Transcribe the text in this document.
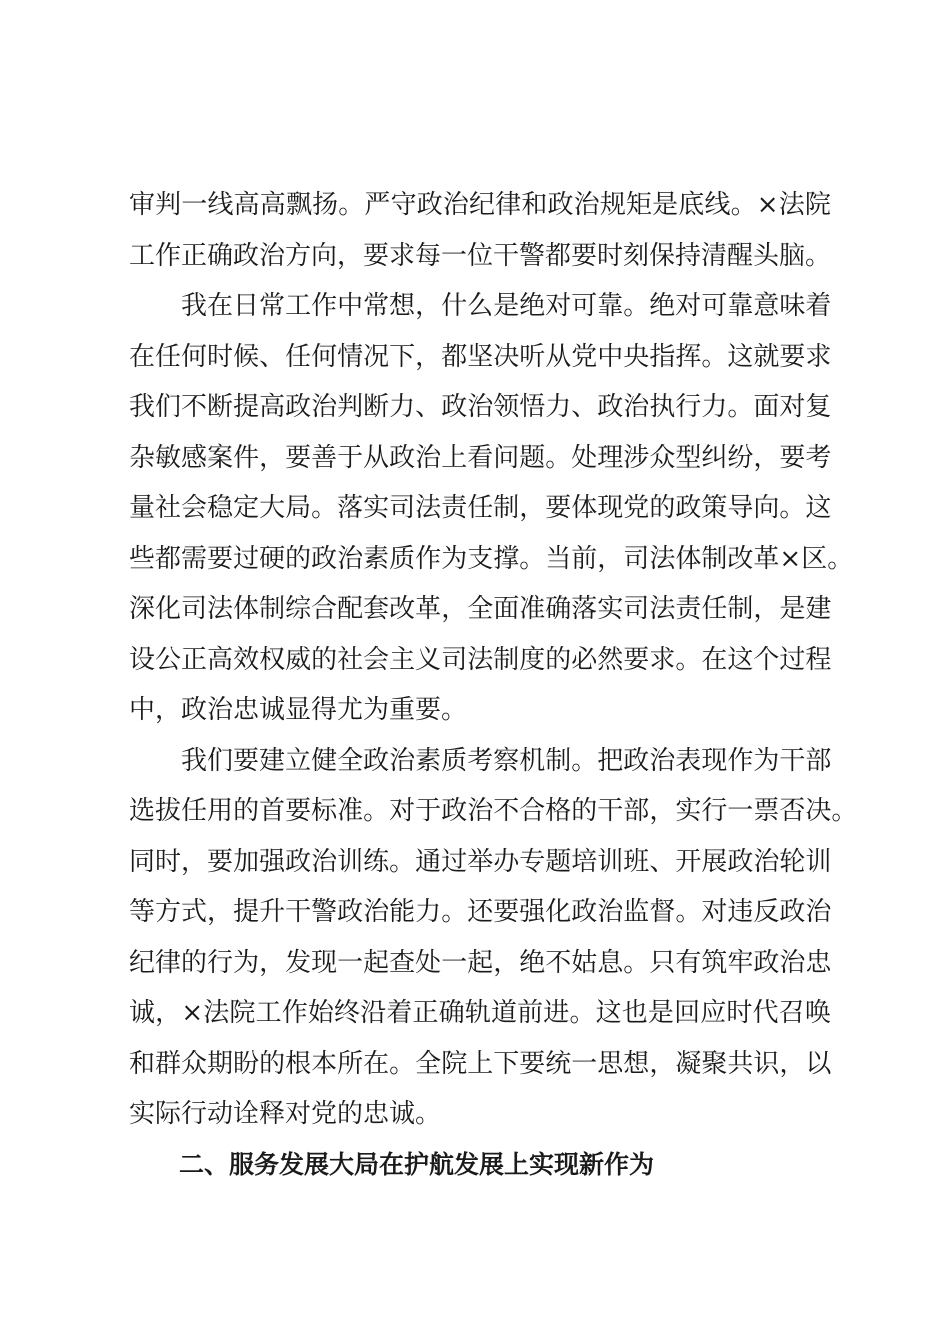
审 判 一 线 高 高 飘 扬 。 严 守 政 治 纪 律 和 政 治 规 矩 是 底 线 。 × 法 院
工作正确政治方向，要求每一位干警都要时刻保持清醒头脑。
我 在 日 常 工 作 中 常 想 ， 什 么 是 绝 对 可 靠 。 绝 对 可 靠 意 味 着
在 任 何 时 候 、 任 何 情 况 下 ， 都 坚 决 听 从 党 中 央 指 挥 。 这 就 要 求
我 们 不 断 提 高 政 治 判 断 力 、 政 治 领 悟 力 、 政 治 执 行 力 。 面 对 复
杂 敏 感 案 件 ， 要 善 于 从 政 治 上 看 问 题 。 处 理 涉 众 型 纠 纷 ， 要 考
量 社 会 稳 定 大 局 。 落 实 司 法 责 任 制 ， 要 体 现 党 的 政 策 导 向 。 这
些 都 需 要 过 硬 的 政 治 素 质 作 为 支 撑 。 当 前 ， 司 法 体 制 改 革 × 区 。
深 化 司 法 体 制 综 合 配 套 改 革 ， 全 面 准 确 落 实 司 法 责 任 制 ， 是 建
设 公 正 高 效 权 威 的 社 会 主 义 司 法 制 度 的 必 然 要 求 。 在 这 个 过 程
中，政治忠诚显得尤为重要。
我 们 要 建 立 健 全 政 治 素 质 考 察 机 制 。 把 政 治 表 现 作 为 干 部
选 拔 任 用 的 首 要 标 准 。 对 于 政 治 不 合 格 的 干 部 ， 实 行 一 票 否 决 。
同 时 ， 要 加 强 政 治 训 练 。 通 过 举 办 专 题 培 训 班 、 开 展 政 治 轮 训
等 方 式 ， 提 升 干 警 政 治 能 力 。 还 要 强 化 政 治 监 督 。 对 违 反 政 治
纪 律 的 行 为 ， 发 现 一 起 查 处 一 起 ， 绝 不 姑 息 。 只 有 筑 牢 政 治 忠
诚 ， × 法 院 工 作 始 终 沿 着 正 确 轨 道 前 进 。 这 也 是 回 应 时 代 召 唤
和 群 众 期 盼 的 根 本 所 在 。 全 院 上 下 要 统 一 思 想 ， 凝 聚 共 识 ， 以
实际行动诠释对党的忠诚。
二、服务发展大局在护航发展上实现新作为
